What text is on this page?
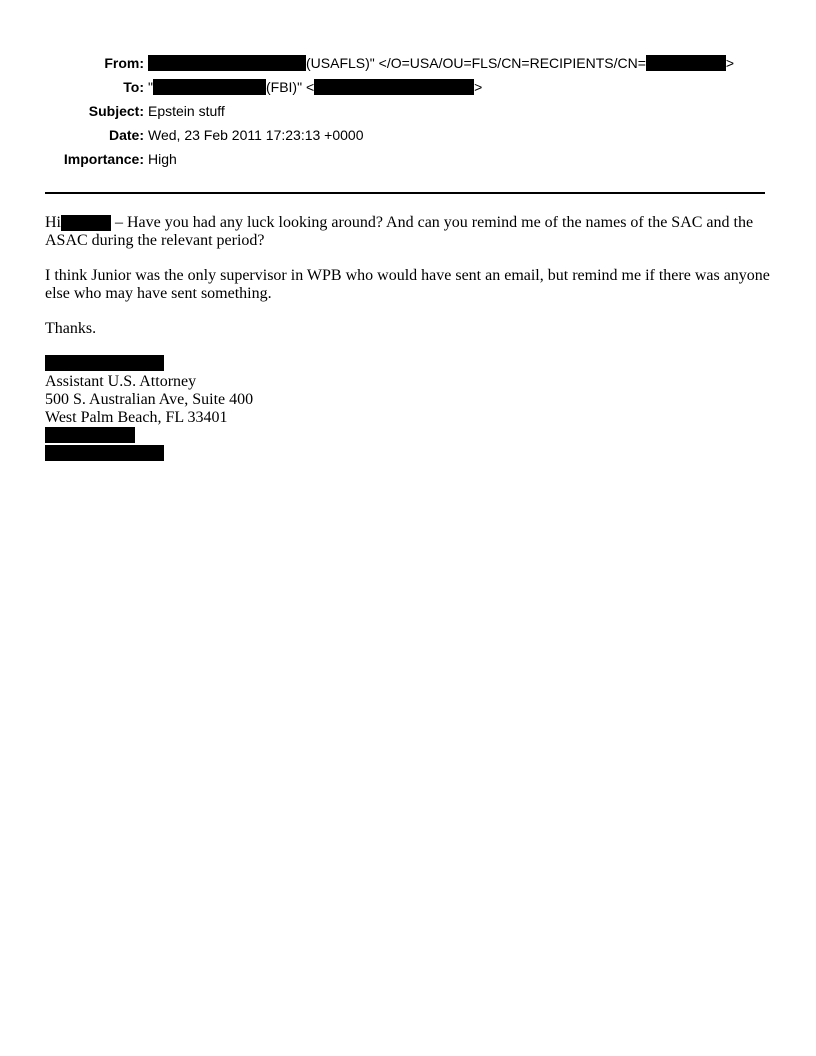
From:	(USAFLS)" </O=USA/OU=FLS/CN=RECIPIENTS/CN=	>
To: "	(FBI)" <	>
Subject: Epstein stuff
Date: Wed, 23 Feb 2011 17:23:13 +0000
Importance: High

Hi	– Have you had any luck looking around? And can you remind me of the names of the SAC and the ASAC during the relevant period?

I think Junior was the only supervisor in WPB who would have sent an email, but remind me if there was anyone else who may have sent something.

Thanks.

Assistant U.S. Attorney
500 S. Australian Ave, Suite 400
West Palm Beach, FL 33401
